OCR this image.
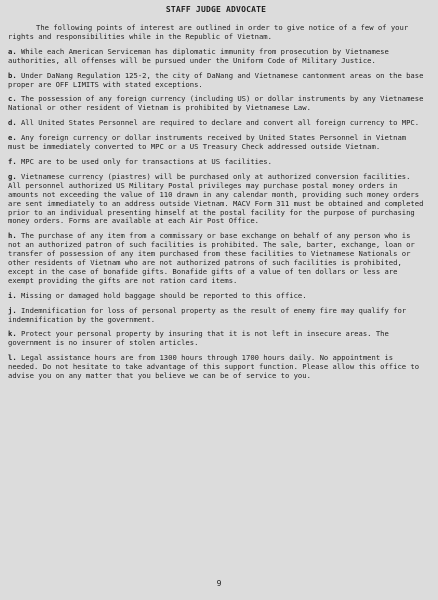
STAFF JUDGE ADVOCATE

The following points of interest are outlined in order to give notice of a few of your rights and responsibilities while in the Republic of Vietnam.

a. While each American Serviceman has diplomatic immunity from prosecution by Vietnamese authorities, all offenses will be pursued under the Uniform Code of Military Justice.

b. Under DaNang Regulation 125-2, the city of DaNang and Vietnamese cantonment areas on the base proper are OFF LIMITS with stated exceptions.

c. The possession of any foreign currency (including US) or dollar instruments by any Vietnamese National or other resident of Vietnam is prohibited by Vietnamese Law.

d. All United States Personnel are required to declare and convert all foreign currency to MPC.

e. Any foreign currency or dollar instruments received by United States Personnel in Vietnam must be immediately converted to MPC or a US Treasury Check addressed outside Vietnam.

f. MPC are to be used only for transactions at US facilities.

g. Vietnamese currency (piastres) will be purchased only at authorized conversion facilities. All personnel authorized US Military Postal privileges may purchase postal money orders in amounts not exceeding the value of 110 drawn in any calendar month, providing such money orders are sent immediately to an address outside Vietnam. MACV Form 311 must be obtained and completed prior to an individual presenting himself at the postal facility for the purpose of purchasing money orders. Forms are available at each Air Post Office.

h. The purchase of any item from a commissary or base exchange on behalf of any person who is not an authorized patron of such facilities is prohibited. The sale, barter, exchange, loan or transfer of possession of any item purchased from these facilities to Vietnamese Nationals or other residents of Vietnam who are not authorized patrons of such facilities is prohibited, except in the case of bonafide gifts. Bonafide gifts of a value of ten dollars or less are exempt providing the gifts are not ration card items.

i. Missing or damaged hold baggage should be reported to this office.

j. Indemnification for loss of personal property as the result of enemy fire may qualify for indemnification by the government.

k. Protect your personal property by insuring that it is not left in insecure areas. The government is no insurer of stolen articles.

l. Legal assistance hours are from 1300 hours through 1700 hours daily. No appointment is needed. Do not hesitate to take advantage of this support function. Please allow this office to advise you on any matter that you believe we can be of service to you.

9
